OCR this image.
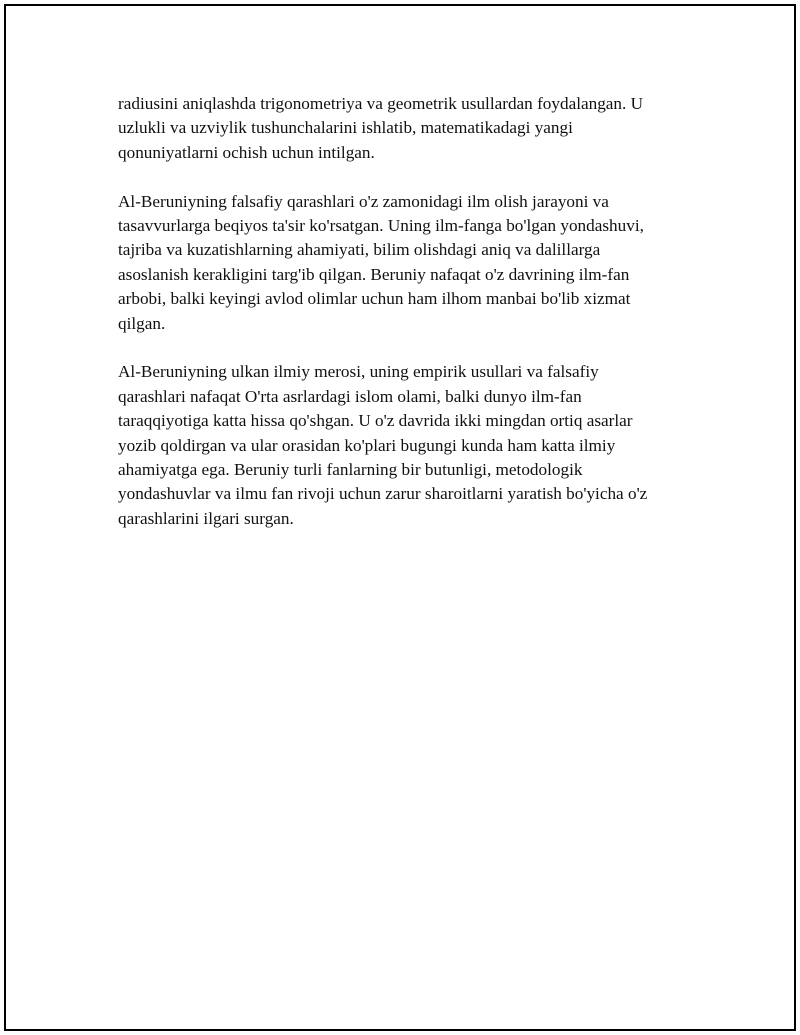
radiusini aniqlashda trigonometriya va geometrik usullardan foydalangan. U
uzlukli va uzviylik tushunchalarini ishlatib, matematikadagi yangi
qonuniyatlarni ochish uchun intilgan.

Al-Beruniyning falsafiy qarashlari o'z zamonidagi ilm olish jarayoni va
tasavvurlarga beqiyos ta'sir ko'rsatgan. Uning ilm-fanga bo'lgan yondashuvi,
tajriba va kuzatishlarning ahamiyati, bilim olishdagi aniq va dalillarga
asoslanish kerakligini targ'ib qilgan. Beruniy nafaqat o'z davrining ilm-fan
arbobi, balki keyingi avlod olimlar uchun ham ilhom manbai bo'lib xizmat
qilgan.

Al-Beruniyning ulkan ilmiy merosi, uning empirik usullari va falsafiy
qarashlari nafaqat O'rta asrlardagi islom olami, balki dunyo ilm-fan
taraqqiyotiga katta hissa qo'shgan. U o'z davrida ikki mingdan ortiq asarlar
yozib qoldirgan va ular orasidan ko'plari bugungi kunda ham katta ilmiy
ahamiyatga ega. Beruniy turli fanlarning bir butunligi, metodologik
yondashuvlar va ilmu fan rivoji uchun zarur sharoitlarni yaratish bo'yicha o'z
qarashlarini ilgari surgan.
